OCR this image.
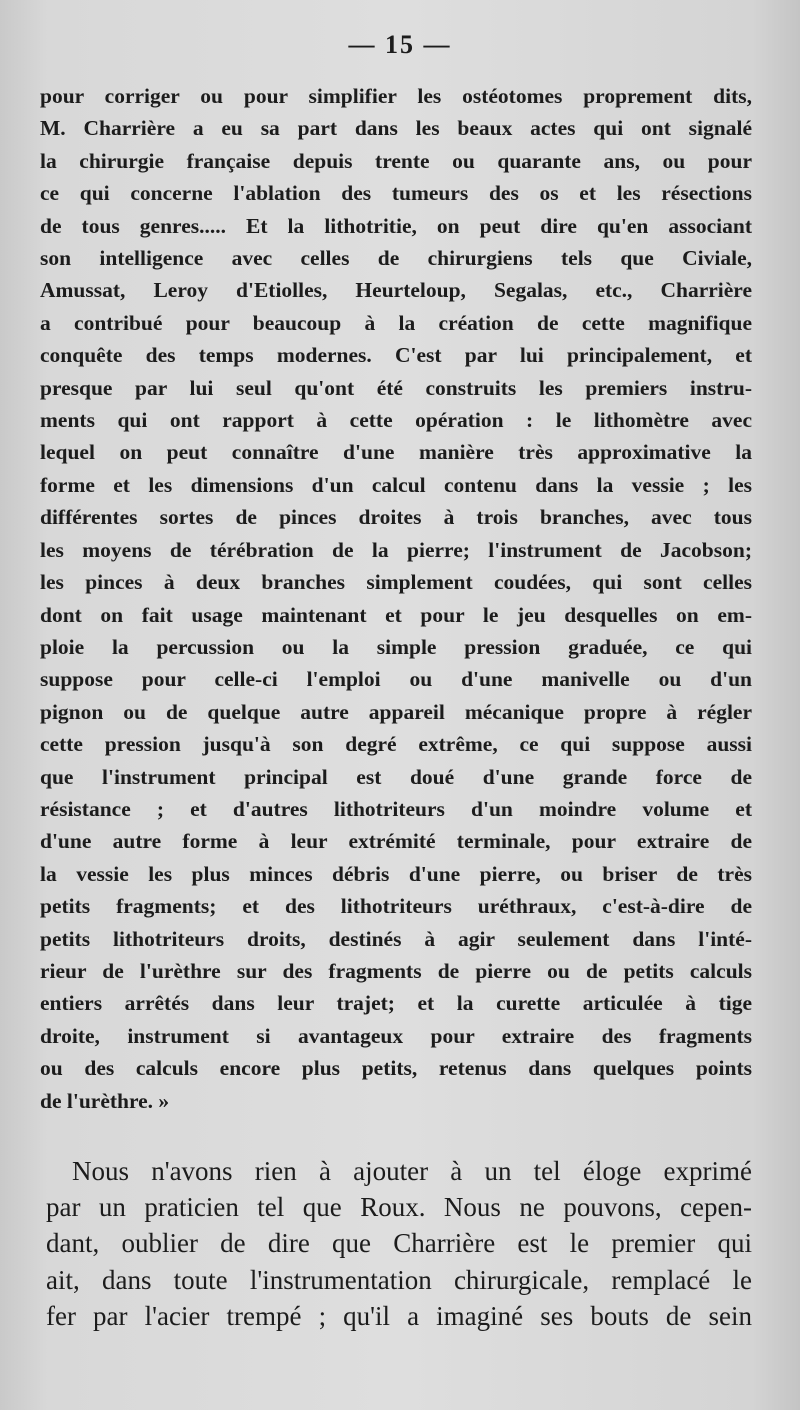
— 15 —
pour corriger ou pour simplifier les ostéotomes proprement dits,
M. Charrière a eu sa part dans les beaux actes qui ont signalé
la chirurgie française depuis trente ou quarante ans, ou pour
ce qui concerne l'ablation des tumeurs des os et les résections
de tous genres..... Et la lithotritie, on peut dire qu'en associant
son intelligence avec celles de chirurgiens tels que Civiale,
Amussat, Leroy d'Etiolles, Heurteloup, Segalas, etc., Charrière
a contribué pour beaucoup à la création de cette magnifique
conquête des temps modernes. C'est par lui principalement, et
presque par lui seul qu'ont été construits les premiers instru-
ments qui ont rapport à cette opération : le lithomètre avec
lequel on peut connaître d'une manière très approximative la
forme et les dimensions d'un calcul contenu dans la vessie ; les
différentes sortes de pinces droites à trois branches, avec tous
les moyens de térébration de la pierre; l'instrument de Jacobson;
les pinces à deux branches simplement coudées, qui sont celles
dont on fait usage maintenant et pour le jeu desquelles on em-
ploie la percussion ou la simple pression graduée, ce qui
suppose pour celle-ci l'emploi ou d'une manivelle ou d'un
pignon ou de quelque autre appareil mécanique propre à régler
cette pression jusqu'à son degré extrême, ce qui suppose aussi
que l'instrument principal est doué d'une grande force de
résistance ; et d'autres lithotriteurs d'un moindre volume et
d'une autre forme à leur extrémité terminale, pour extraire de
la vessie les plus minces débris d'une pierre, ou briser de très
petits fragments; et des lithotriteurs uréthraux, c'est-à-dire de
petits lithotriteurs droits, destinés à agir seulement dans l'inté-
rieur de l'urèthre sur des fragments de pierre ou de petits calculs
entiers arrêtés dans leur trajet; et la curette articulée à tige
droite, instrument si avantageux pour extraire des fragments
ou des calculs encore plus petits, retenus dans quelques points
de l'urèthre. »
Nous n'avons rien à ajouter à un tel éloge exprimé
par un praticien tel que Roux. Nous ne pouvons, cepen-
dant, oublier de dire que Charrière est le premier qui
ait, dans toute l'instrumentation chirurgicale, remplacé le
fer par l'acier trempé ; qu'il a imaginé ses bouts de sein
